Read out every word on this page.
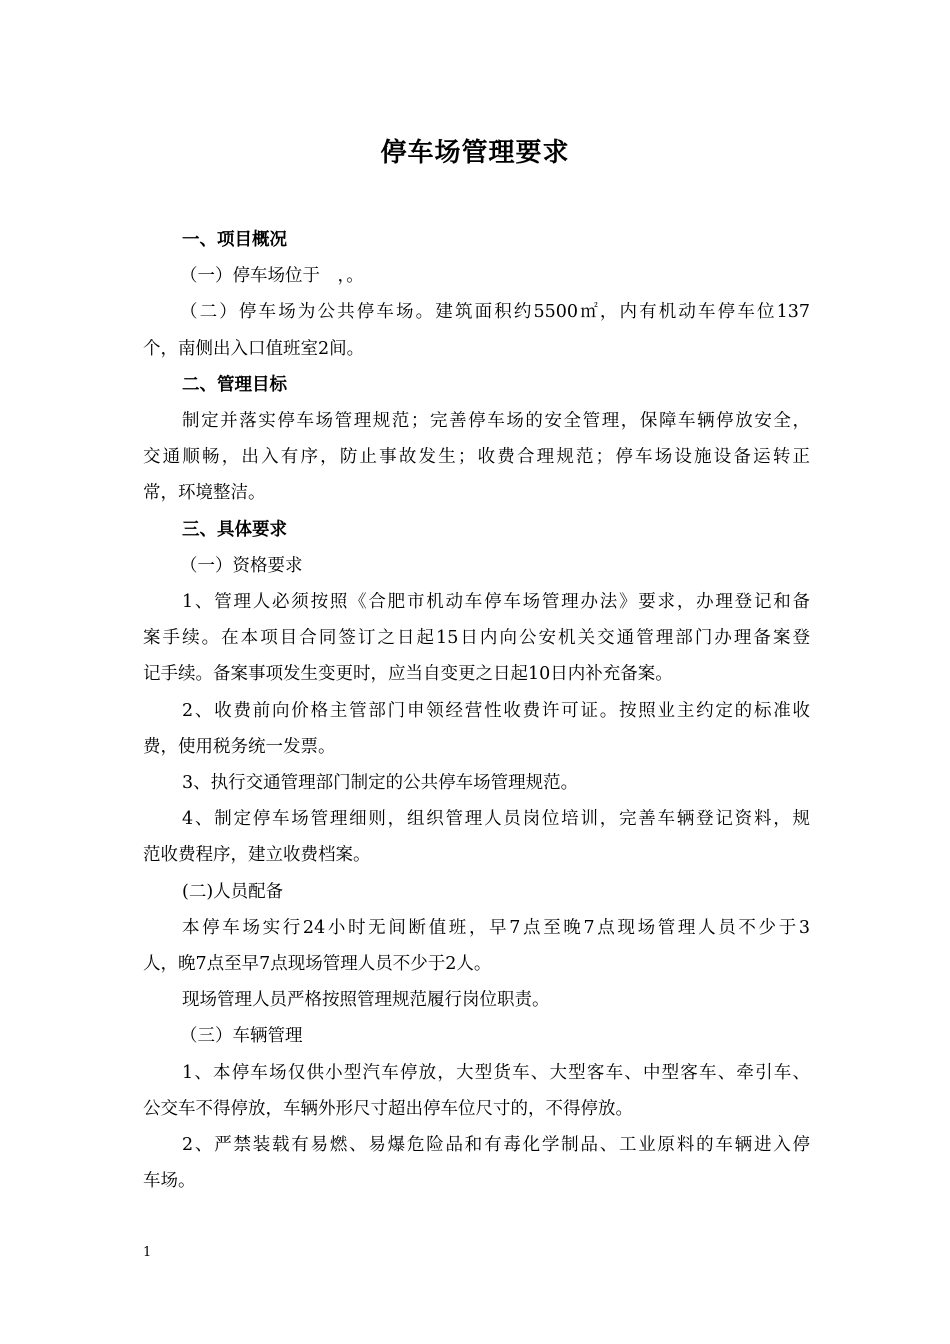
停车场管理要求
一、项目概况
（一）停车场位于　，。
（二）停车场为公共停车场。建筑面积约5500㎡，内有机动车停车位137
个，南侧出入口值班室2间。
二、管理目标
制定并落实停车场管理规范；完善停车场的安全管理，保障车辆停放安全，
交通顺畅，出入有序，防止事故发生；收费合理规范；停车场设施设备运转正
常，环境整洁。
三、具体要求
（一）资格要求
1、管理人必须按照《合肥市机动车停车场管理办法》要求，办理登记和备
案手续。在本项目合同签订之日起15日内向公安机关交通管理部门办理备案登
记手续。备案事项发生变更时，应当自变更之日起10日内补充备案。
2、收费前向价格主管部门申领经营性收费许可证。按照业主约定的标准收
费，使用税务统一发票。
3、执行交通管理部门制定的公共停车场管理规范。
4、制定停车场管理细则，组织管理人员岗位培训，完善车辆登记资料，规
范收费程序，建立收费档案。
(二)人员配备
本停车场实行24小时无间断值班，早7点至晚7点现场管理人员不少于3
人，晚7点至早7点现场管理人员不少于2人。
现场管理人员严格按照管理规范履行岗位职责。
（三）车辆管理
1、本停车场仅供小型汽车停放，大型货车、大型客车、中型客车、牵引车、
公交车不得停放，车辆外形尺寸超出停车位尺寸的，不得停放。
2、严禁装载有易燃、易爆危险品和有毒化学制品、工业原料的车辆进入停
车场。
1
